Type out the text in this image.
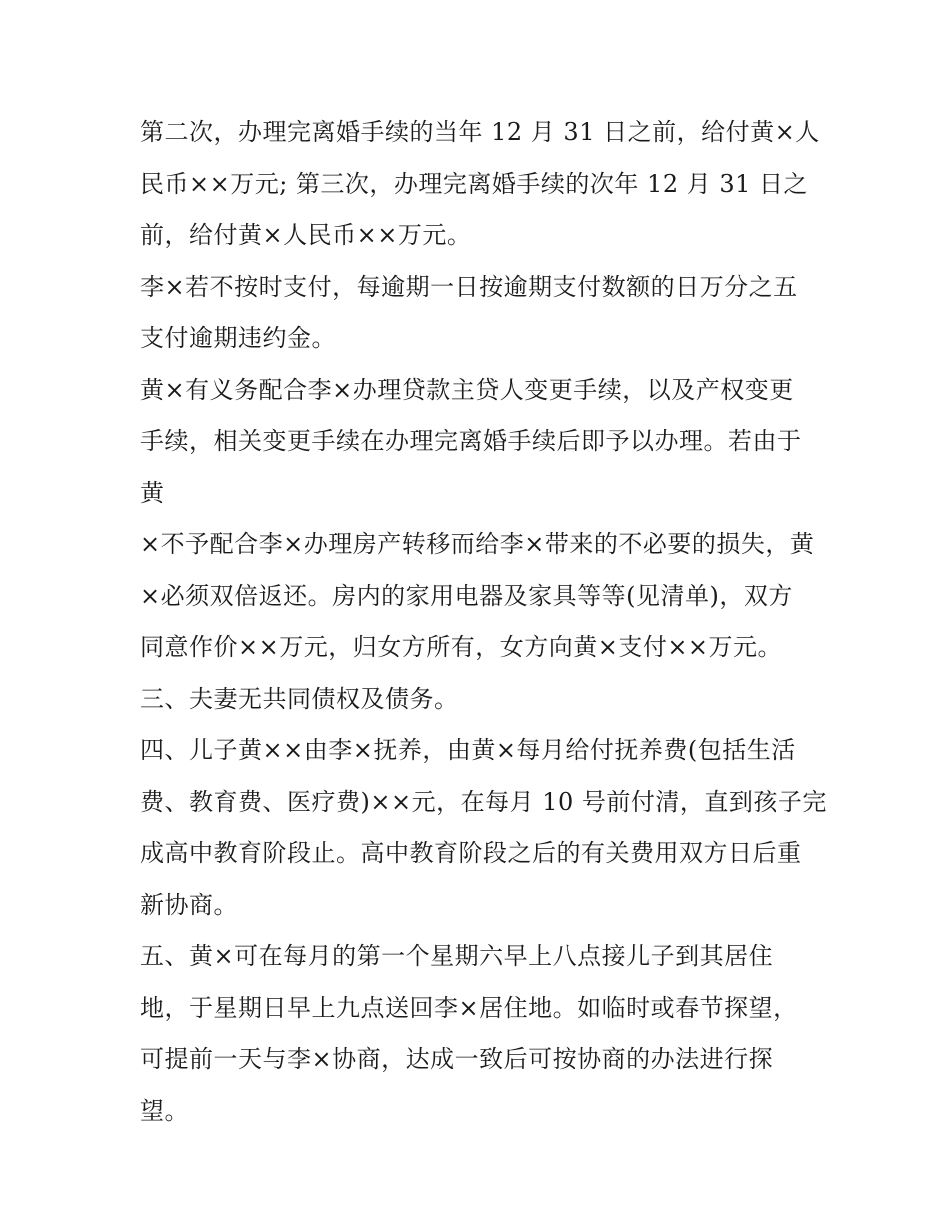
第二次，办理完离婚手续的当年 12 月 31 日之前，给付黄×人
民币××万元; 第三次，办理完离婚手续的次年 12 月 31 日之
前，给付黄×人民币××万元。
李×若不按时支付，每逾期一日按逾期支付数额的日万分之五
支付逾期违约金。
黄×有义务配合李×办理贷款主贷人变更手续，以及产权变更
手续，相关变更手续在办理完离婚手续后即予以办理。若由于
黄
×不予配合李×办理房产转移而给李×带来的不必要的损失，黄
×必须双倍返还。房内的家用电器及家具等等(见清单)，双方
同意作价××万元，归女方所有，女方向黄×支付××万元。
三、夫妻无共同债权及债务。
四、儿子黄××由李×抚养，由黄×每月给付抚养费(包括生活
费、教育费、医疗费)××元，在每月 10 号前付清，直到孩子完
成高中教育阶段止。高中教育阶段之后的有关费用双方日后重
新协商。
五、黄×可在每月的第一个星期六早上八点接儿子到其居住
地，于星期日早上九点送回李×居住地。如临时或春节探望，
可提前一天与李×协商，达成一致后可按协商的办法进行探
望。
